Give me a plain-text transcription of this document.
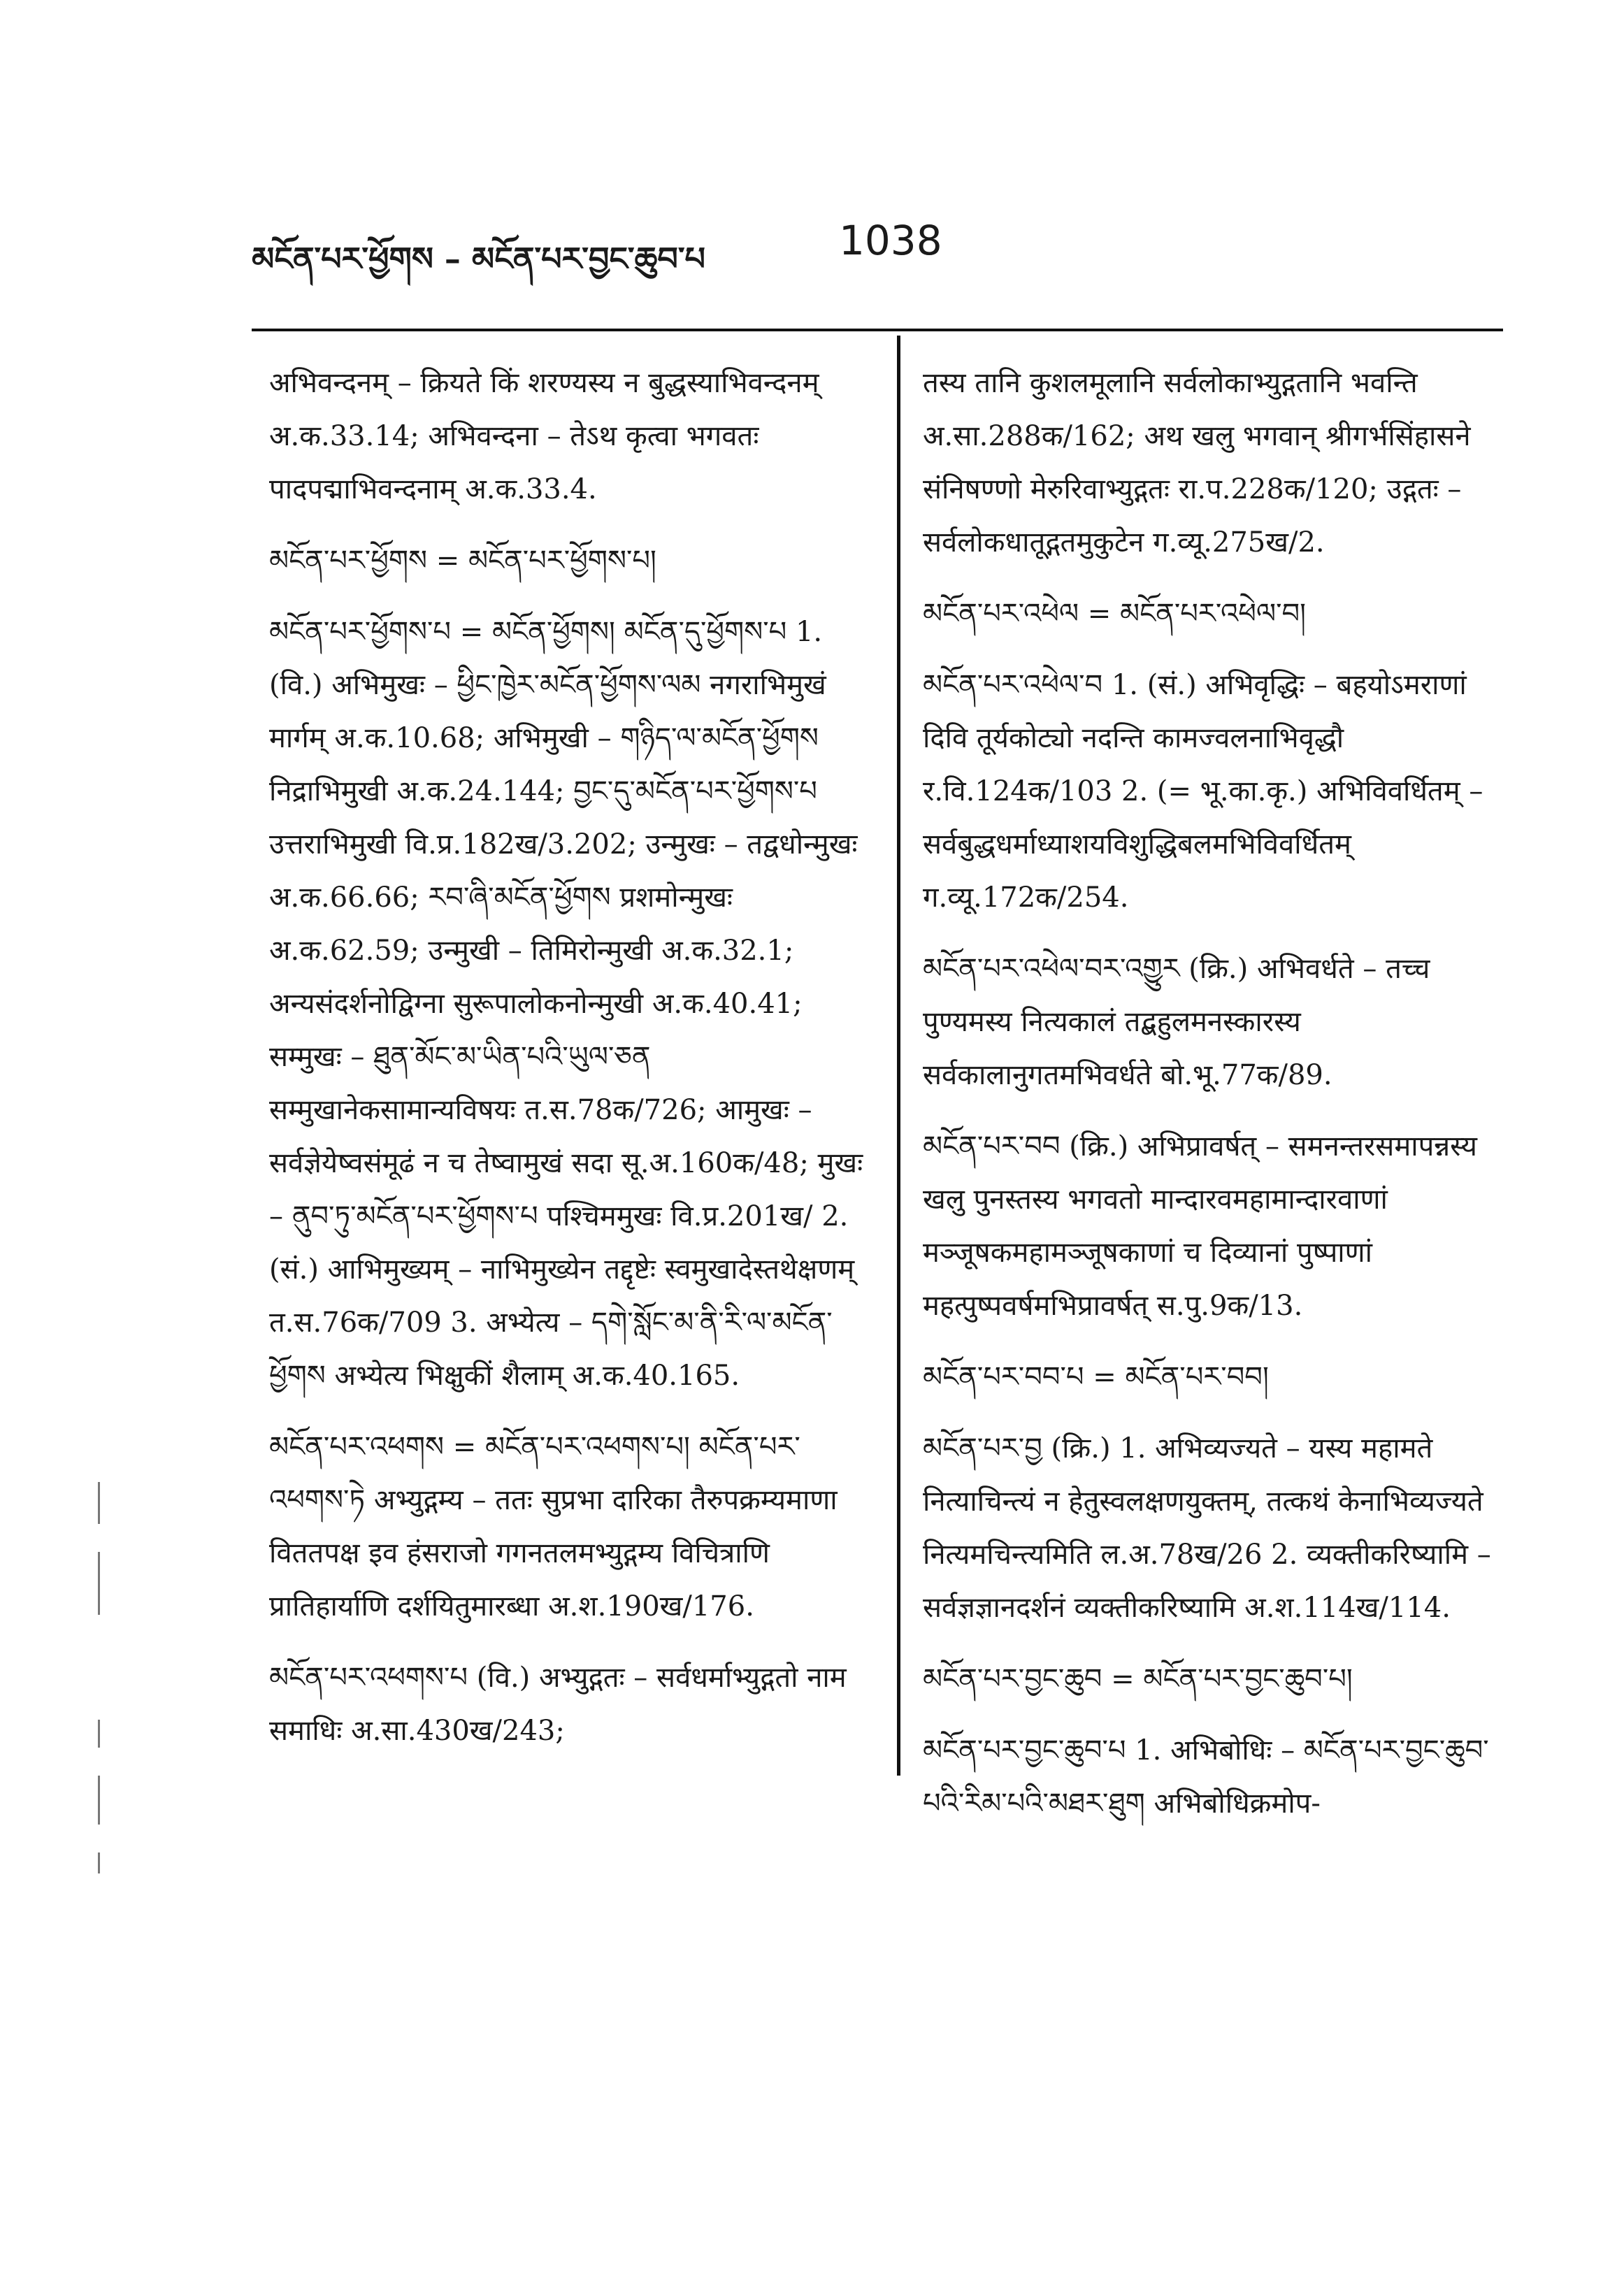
མངོན་པར་ཕྱོགས – མངོན་པར་བྱང་ཆུབ་པ	1038
अभिवन्दनम् – क्रियते किं शरण्यस्य न बुद्धस्याभिवन्दनम् अ.क.33.14; अभिवन्दना – तेऽथ कृत्वा भगवतः पादपद्माभिवन्दनाम् अ.क.33.4.
མངོན་པར་ཕྱོགས = མངོན་པར་ཕྱོགས་པ།
མངོན་པར་ཕྱོགས་པ = མངོན་ཕྱོགས། མངོན་དུ་ཕྱོགས་པ 1. (वि.) अभिमुखः – ཕྱིང་ཁྱེར་མངོན་ཕྱོགས་ལམ नगराभिमुखं मार्गम् अ.क.10.68; अभिमुखी – གཉིད་ལ་མངོན་ཕྱོགས निद्राभिमुखी अ.क.24.144; བྱང་དུ་མངོན་པར་ཕྱོགས་པ उत्तराभिमुखी वि.प्र.182ख/3.202; उन्मुखः – तद्वधोन्मुखः अ.क.66.66; རབ་ཞི་མངོན་ཕྱོགས प्रशमोन्मुखः अ.क.62.59; उन्मुखी – तिमिरोन्मुखी अ.क.32.1; अन्यसंदर्शनोद्विग्ना सुरूपालोकनोन्मुखी अ.क.40.41; सम्मुखः – ཐུན་མོང་མ་ཡིན་པའི་ཡུལ་ཅན सम्मुखानेकसामान्यविषयः त.स.78क/726; आमुखः – सर्वज्ञेयेष्वसंमूढं न च तेष्वामुखं सदा सू.अ.160क/48; मुखः – ནུབ་ཏུ་མངོན་པར་ཕྱོགས་པ पश्चिममुखः वि.प्र.201ख/ 2. (सं.) आभिमुख्यम् – नाभिमुख्येन तद्दृष्टेः स्वमुखादेस्तथेक्षणम् त.स.76क/709 3. अभ्येत्य – དགེ་སློང་མ་ནི་རི་ལ་མངོན་ཕྱོགས अभ्येत्य भिक्षुकीं शैलाम् अ.क.40.165.
མངོན་པར་འཕགས = མངོན་པར་འཕགས་པ། མངོན་པར་འཕགས་ཏེ अभ्युद्गम्य – ततः सुप्रभा दारिका तैरुपक्रम्यमाणा विततपक्ष इव हंसराजो गगनतलमभ्युद्गम्य विचित्राणि प्रातिहार्याणि दर्शयितुमारब्धा अ.श.190ख/176.
མངོན་པར་འཕགས་པ (वि.) अभ्युद्गतः – सर्वधर्माभ्युद्गतो नाम समाधिः अ.सा.430ख/243;
तस्य तानि कुशलमूलानि सर्वलोकाभ्युद्गतानि भवन्ति अ.सा.288क/162; अथ खलु भगवान् श्रीगर्भसिंहासने संनिषण्णो मेरुरिवाभ्युद्गतः रा.प.228क/120; उद्गतः – सर्वलोकधातूद्गतमुकुटेन ग.व्यू.275ख/2.
མངོན་པར་འཕེལ = མངོན་པར་འཕེལ་བ།
མངོན་པར་འཕེལ་བ 1. (सं.) अभिवृद्धिः – बहयोऽमराणां दिवि तूर्यकोट्यो नदन्ति कामज्वलनाभिवृद्धौ र.वि.124क/103 2. (= भू.का.कृ.) अभिविवर्धितम् – सर्वबुद्धधर्माध्याशयविशुद्धिबलमभिविवर्धितम् ग.व्यू.172क/254.
མངོན་པར་འཕེལ་བར་འགྱུར (क्रि.) अभिवर्धते – तच्च पुण्यमस्य नित्यकालं तद्बहुलमनस्कारस्य सर्वकालानुगतमभिवर्धते बो.भू.77क/89.
མངོན་པར་བབ (क्रि.) अभिप्रावर्षत् – समनन्तरसमापन्नस्य खलु पुनस्तस्य भगवतो मान्दारवमहामान्दारवाणां मञ्जूषकमहामञ्जूषकाणां च दिव्यानां पुष्पाणां महत्पुष्पवर्षमभिप्रावर्षत् स.पु.9क/13.
མངོན་པར་བབ་པ = མངོན་པར་བབ།
མངོན་པར་བྱ (क्रि.) 1. अभिव्यज्यते – यस्य महामते नित्याचिन्त्यं न हेतुस्वलक्षणयुक्तम्, तत्कथं केनाभिव्यज्यते नित्यमचिन्त्यमिति ल.अ.78ख/26 2. व्यक्तीकरिष्यामि – सर्वज्ञज्ञानदर्शनं व्यक्तीकरिष्यामि अ.श.114ख/114.
མངོན་པར་བྱང་ཆུབ = མངོན་པར་བྱང་ཆུབ་པ།
མངོན་པར་བྱང་ཆུབ་པ 1. अभिबोधिः – མངོན་པར་བྱང་ཆུབ་པའི་རིམ་པའི་མཐར་ཐུག अभिबोधिक्रमोप-
